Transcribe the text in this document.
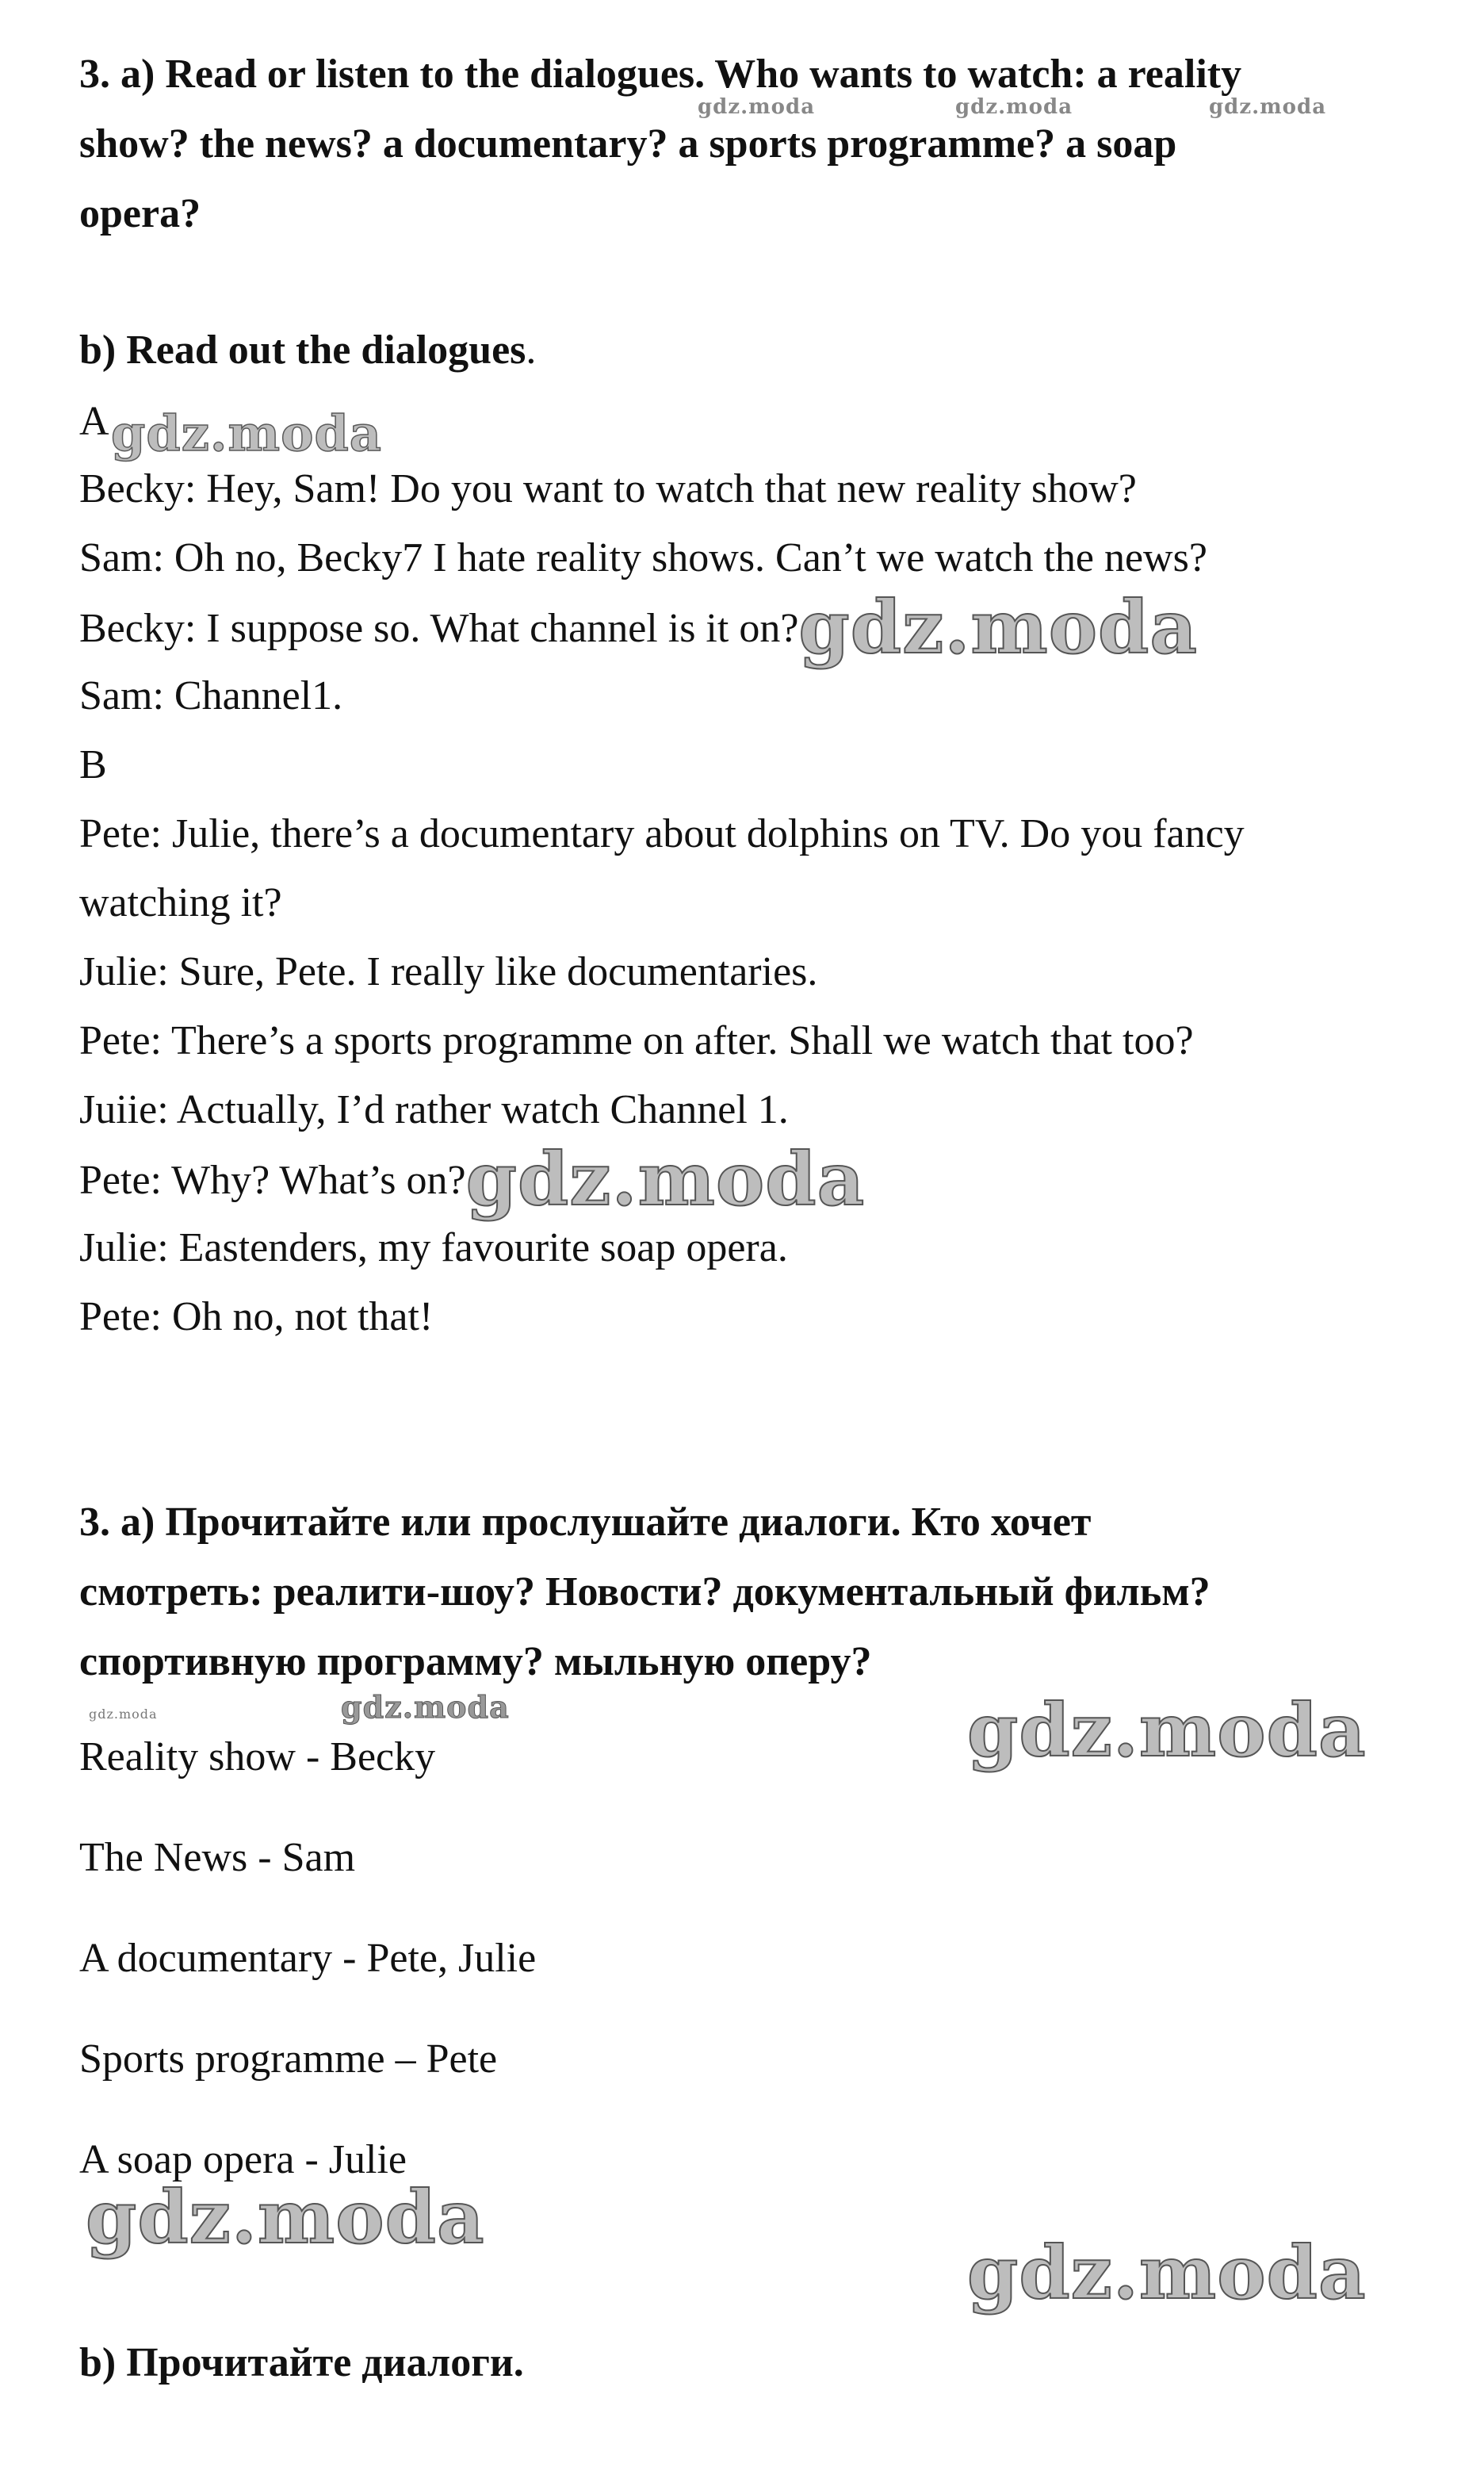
3. a) Read or listen to the dialogues. Who wants to watch: a reality
show? the news? a documentary? a sports programme? a soap
opera?
gdz.moda	gdz.moda	gdz.moda
b) Read out the dialogues.
A gdz.moda
Becky: Hey, Sam! Do you want to watch that new reality show?
Sam: Oh no, Becky7 I hate reality shows. Can’t we watch the news?
Becky: I suppose so. What channel is it on?gdz.moda
Sam: Channel1.
B
Pete: Julie, there’s a documentary about dolphins on TV. Do you fancy
watching it?
Julie: Sure, Pete. I really like documentaries.
Pete: There’s a sports programme on after. Shall we watch that too?
Juiie: Actually, I’d rather watch Channel 1.
Pete: Why? What’s on?gdz.moda
Julie: Eastenders, my favourite soap opera.
Pete: Oh no, not that!
3. а) Прочитайте или прослушайте диалоги. Кто хочет
смотреть: реалити-шоу? Новости? документальный фильм?
спортивную программу? мыльную оперу?
gdz.moda	gdz.moda	gdz.moda
Reality show - Becky
The News - Sam
A documentary - Pete, Julie
Sports programme – Pete
A soap opera - Julie
gdz.moda
gdz.moda
b) Прочитайте диалоги.
